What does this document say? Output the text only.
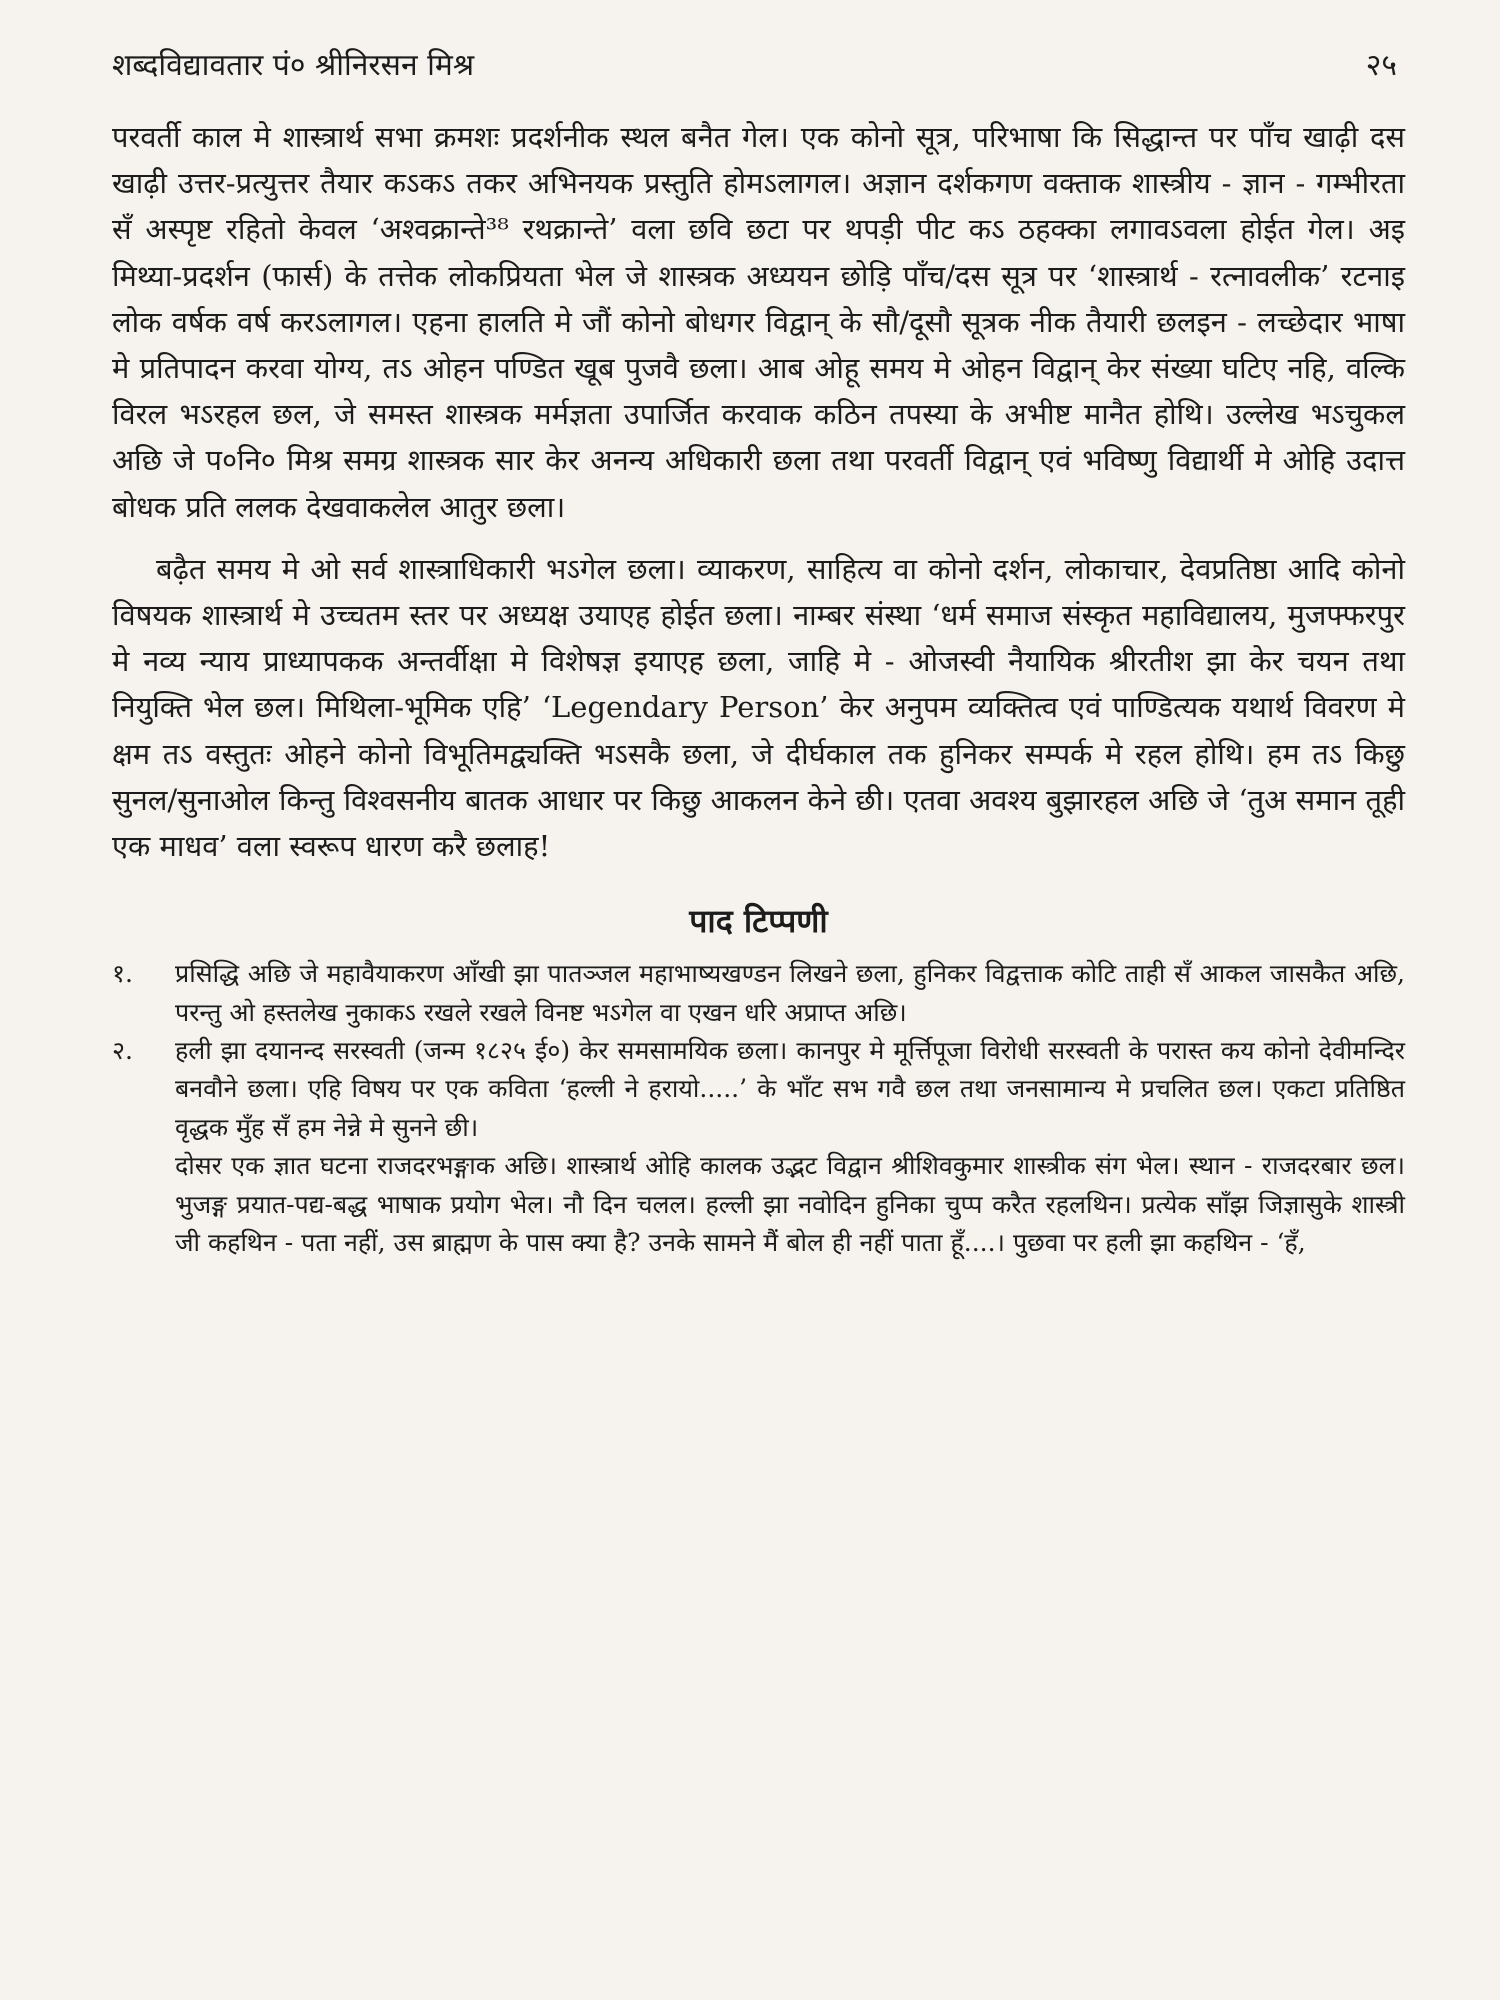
शब्दविद्यावतार पं० श्रीनिरसन मिश्र	२५

परवर्ती काल मे शास्त्रार्थ सभा क्रमशः प्रदर्शनीक स्थल बनैत गेल। एक कोनो सूत्र, परिभाषा कि सिद्धान्त पर पाँच खाढ़ी दस खाढ़ी उत्तर-प्रत्युत्तर तैयार कऽकऽ तकर अभिनयक प्रस्तुति होमऽलागल। अज्ञान दर्शकगण वक्ताक शास्त्रीय - ज्ञान - गम्भीरता सँ अस्पृष्ट रहितो केवल ‘अश्वक्रान्ते³⁸ रथक्रान्ते’ वला छवि छटा पर थपड़ी पीट कऽ ठहक्का लगावऽवला होईत गेल। अइ मिथ्या-प्रदर्शन (फार्स) के तत्तेक लोकप्रियता भेल जे शास्त्रक अध्ययन छोड़ि पाँच/दस सूत्र पर ‘शास्त्रार्थ - रत्नावलीक’ रटनाइ लोक वर्षक वर्ष करऽलागल। एहना हालति मे जौं कोनो बोधगर विद्वान् के सौ/दूसौ सूत्रक नीक तैयारी छलइन - लच्छेदार भाषा मे प्रतिपादन करवा योग्य, तऽ ओहन पण्डित खूब पुजवै छला। आब ओहू समय मे ओहन विद्वान् केर संख्या घटिए नहि, वल्कि विरल भऽरहल छल, जे समस्त शास्त्रक मर्मज्ञता उपार्जित करवाक कठिन तपस्या के अभीष्ट मानैत होथि। उल्लेख भऽचुकल अछि जे प०नि० मिश्र समग्र शास्त्रक सार केर अनन्य अधिकारी छला तथा परवर्ती विद्वान् एवं भविष्णु विद्यार्थी मे ओहि उदात्त बोधक प्रति ललक देखवाकलेल आतुर छला।

बढ़ैत समय मे ओ सर्व शास्त्राधिकारी भऽगेल छला। व्याकरण, साहित्य वा कोनो दर्शन, लोकाचार, देवप्रतिष्ठा आदि कोनो विषयक शास्त्रार्थ मे उच्चतम स्तर पर अध्यक्ष उयाएह होईत छला। नाम्बर संस्था ‘धर्म समाज संस्कृत महाविद्यालय, मुजफ्फरपुर मे नव्य न्याय प्राध्यापकक अन्तर्वीक्षा मे विशेषज्ञ इयाएह छला, जाहि मे - ओजस्वी नैयायिक श्रीरतीश झा केर चयन तथा नियुक्ति भेल छल। मिथिला-भूमिक एहि’ ‘Legendary Person’ केर अनुपम व्यक्तित्व एवं पाण्डित्यक यथार्थ विवरण मे क्षम तऽ वस्तुतः ओहने कोनो विभूतिमद्व्यक्ति भऽसकै छला, जे दीर्घकाल तक हुनिकर सम्पर्क मे रहल होथि। हम तऽ किछु सुनल/सुनाओल किन्तु विश्वसनीय बातक आधार पर किछु आकलन केने छी। एतवा अवश्य बुझारहल अछि जे ‘तुअ समान तूही एक माधव’ वला स्वरूप धारण करै छलाह!

पाद टिप्पणी
१.	प्रसिद्धि अछि जे महावैयाकरण आँखी झा पातञ्जल महाभाष्यखण्डन लिखने छला, हुनिकर विद्वत्ताक कोटि ताही सँ आकल जासकैत अछि, परन्तु ओ हस्तलेख नुकाकऽ रखले रखले विनष्ट भऽगेल वा एखन धरि अप्राप्त अछि।

२.	हली झा दयानन्द सरस्वती (जन्म १८२५ ई०) केर समसामयिक छला। कानपुर मे मूर्त्तिपूजा विरोधी सरस्वती के परास्त कय कोनो देवीमन्दिर बनवौने छला। एहि विषय पर एक कविता ‘हल्ली ने हरायो.....’ के भाँट सभ गवै छल तथा जनसामान्य मे प्रचलित छल। एकटा प्रतिष्ठित वृद्धक मुँह सँ हम नेन्ने मे सुनने छी।

दोसर एक ज्ञात घटना राजदरभङ्गाक अछि। शास्त्रार्थ ओहि कालक उद्भट विद्वान श्रीशिवकुमार शास्त्रीक संग भेल। स्थान - राजदरबार छल। भुजङ्ग प्रयात-पद्य-बद्ध भाषाक प्रयोग भेल। नौ दिन चलल। हल्ली झा नवोदिन हुनिका चुप्प करैत रहलथिन। प्रत्येक साँझ जिज्ञासुके शास्त्री जी कहथिन - पता नहीं, उस ब्राह्मण के पास क्या है? उनके सामने मैं बोल ही नहीं पाता हूँ....। पुछवा पर हली झा कहथिन - ‘हँ,
